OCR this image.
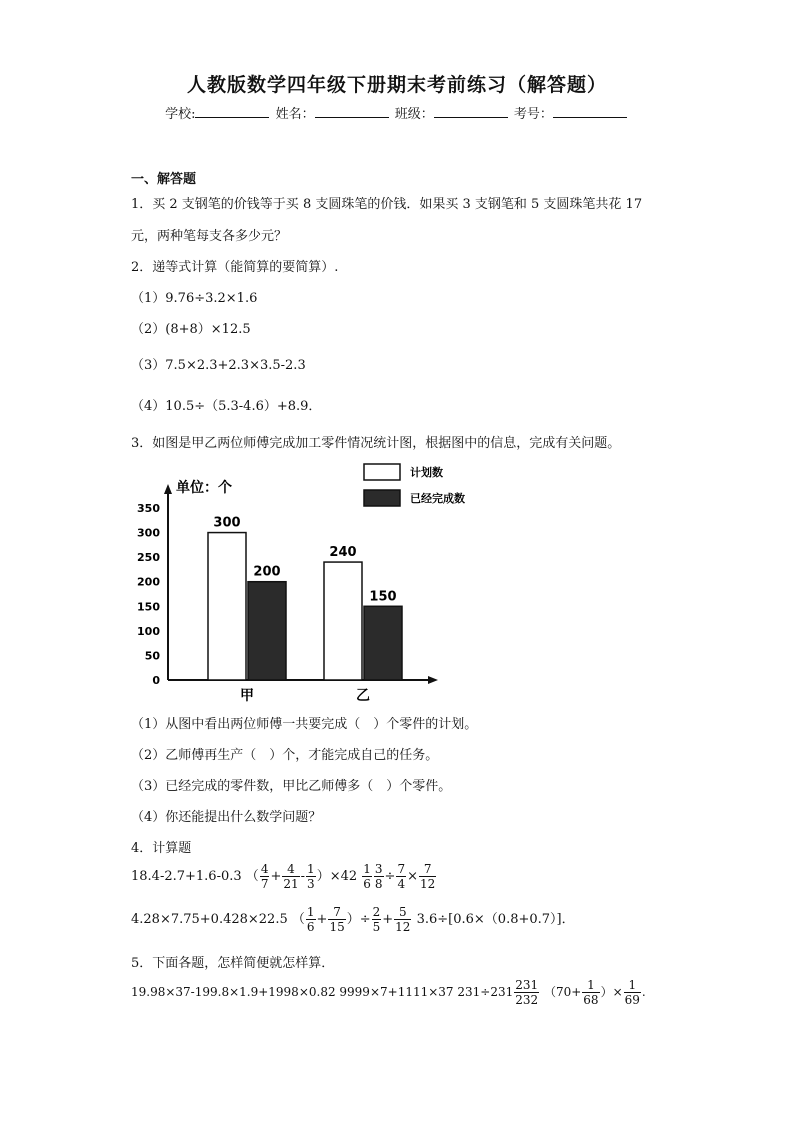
人教版数学四年级下册期末考前练习（解答题）
学校:	姓名：	班级：	考号：
一、解答题
1．买 2 支钢笔的价钱等于买 8 支圆珠笔的价钱．如果买 3 支钢笔和 5 支圆珠笔共花 17
元，两种笔每支各多少元？
2．递等式计算（能简算的要简算）.
（1）9.76÷3.2×1.6
（2）(8+8）×12.5
（3）7.5×2.3+2.3×3.5-2.3
（4）10.5÷（5.3-4.6）+8.9．
3．如图是甲乙两位师傅完成加工零件情况统计图，根据图中的信息，完成有关问题。
单位：个
350
300
250
200
150
100
50
0
300
200
甲
240
150
乙
计划数
已经完成数
（1）从图中看出两位师傅一共要完成（　）个零件的计划。
（2）乙师傅再生产（　）个，才能完成自己的任务。
（3）已经完成的零件数，甲比乙师傅多（　）个零件。
（4）你还能提出什么数学问题？
4．计算题
18.4-2.7+1.6-0.3 （ $\frac{4}{7} + \frac{4}{21} - \frac{1}{3} )\times 42 \frac{1}{6} \frac{3}{8} \div \frac{7}{4} \times \frac{7}{12}$
4.28×7.75+0.428×22.5 （ $\frac{1}{6} + \frac{7}{15}$ ）÷ $\frac{2}{5} + \frac{5}{12} 3.6\div[0.6\times(0.8+0.7)]$．
5．下面各题，怎样简便就怎样算．
19.98×37-199.8×1.9+1998×0.82 9999×7+1111×37 $231\div 231 \frac{231}{232} (70+ \frac{1}{68}$ ）× $\frac{1}{69}$ .
